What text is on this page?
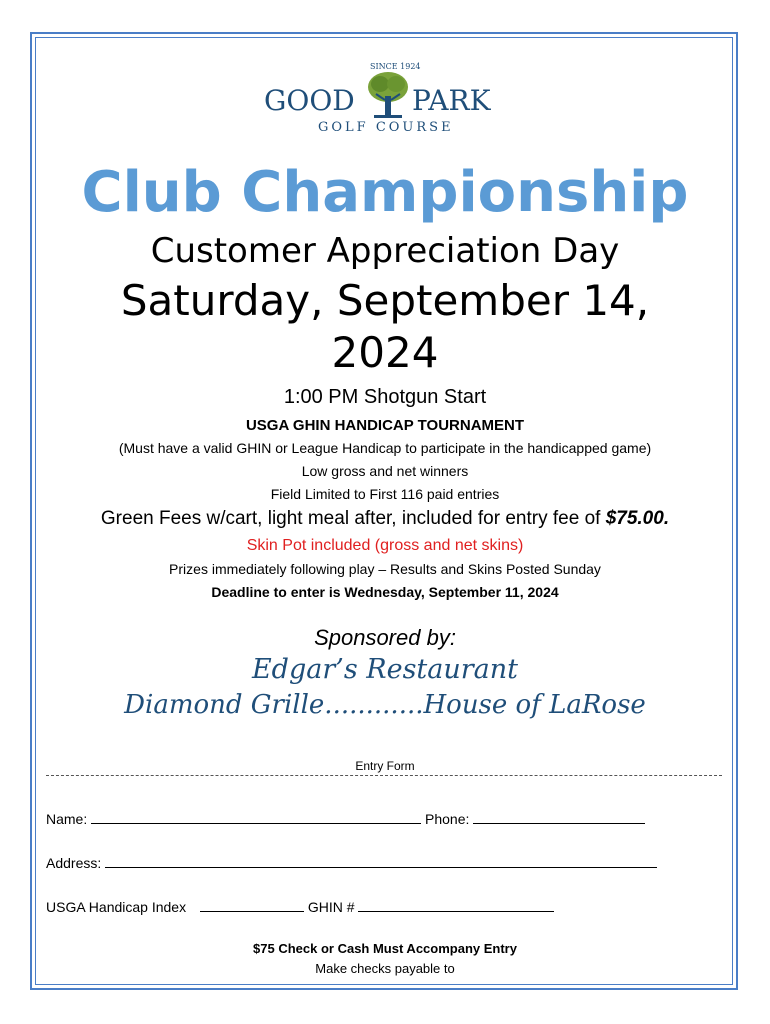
SINCE 1924
GOOD PARK
GOLF COURSE
Club Championship
Customer Appreciation Day
Saturday, September 14,
2024
1:00 PM Shotgun Start
USGA GHIN HANDICAP TOURNAMENT
(Must have a valid GHIN or League Handicap to participate in the handicapped game)
Low gross and net winners
Field Limited to First 116 paid entries
Green Fees w/cart, light meal after, included for entry fee of $75.00.
Skin Pot included (gross and net skins)
Prizes immediately following play – Results and Skins Posted Sunday
Deadline to enter is Wednesday, September 11, 2024
Sponsored by:
Edgar’s Restaurant
Diamond Grille............House of LaRose
Entry Form
Name:	Phone:
Address:
USGA Handicap Index	GHIN #
$75 Check or Cash Must Accompany Entry
Make checks payable to
